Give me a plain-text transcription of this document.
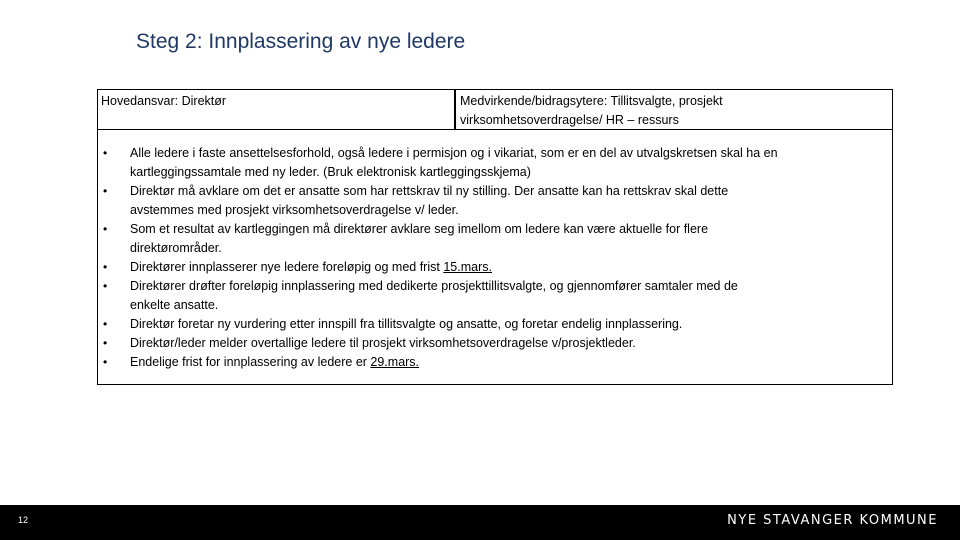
Steg 2: Innplassering av nye ledere
Hovedansvar: Direktør	Medvirkende/bidragsytere: Tillitsvalgte, prosjekt
virksomhetsoverdragelse/ HR – ressurs
• Alle ledere i faste ansettelsesforhold, også ledere i permisjon og i vikariat, som er en del av utvalgskretsen skal ha en
kartleggingssamtale med ny leder. (Bruk elektronisk kartleggingsskjema)
• Direktør må avklare om det er ansatte som har rettskrav til ny stilling. Der ansatte kan ha rettskrav skal dette
avstemmes med prosjekt virksomhetsoverdragelse v/ leder.
• Som et resultat av kartleggingen må direktører avklare seg imellom om ledere kan være aktuelle for flere
direktørområder.
• Direktører innplasserer nye ledere foreløpig og med frist 15.mars.
• Direktører drøfter foreløpig innplassering med dedikerte prosjekttillitsvalgte, og gjennomfører samtaler med de
enkelte ansatte.
• Direktør foretar ny vurdering etter innspill fra tillitsvalgte og ansatte, og foretar endelig innplassering.
• Direktør/leder melder overtallige ledere til prosjekt virksomhetsoverdragelse v/prosjektleder.
• Endelige frist for innplassering av ledere er 29.mars.
12	NYE STAVANGER KOMMUNE
